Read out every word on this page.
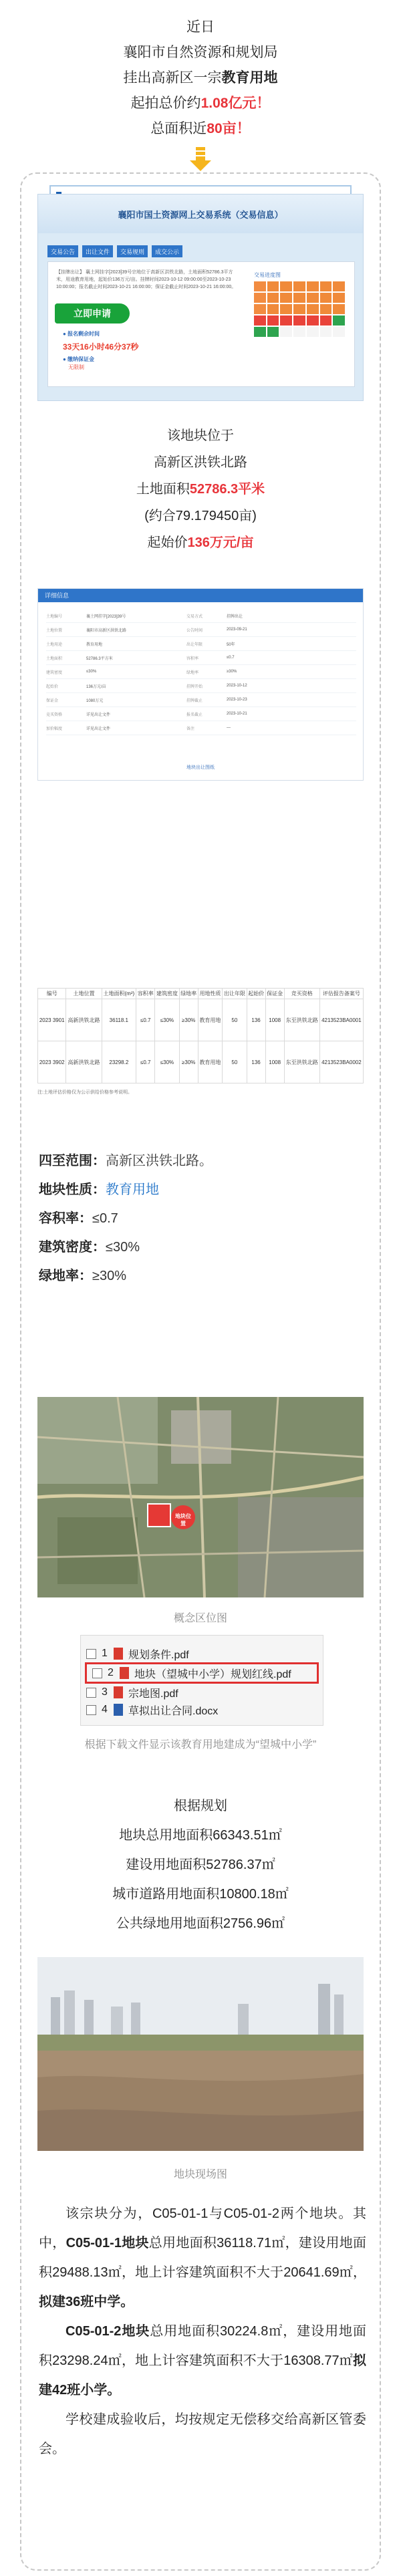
近日

襄阳市自然资源和规划局

挂出高新区一宗教育用地

起拍总价约1.08亿元！

总面积近80亩！

襄阳市国土资源网上交易系统（交易信息）
交易公告	出让文件	交易规则	成交公示
【挂牌出让】 襄土网挂字[2023]39号宗地位于高新区洪铁北路，土地面积52786.3平方米，用途教育用地，起始价136万元/亩。挂牌时间2023-10-12 09:00:00至2023-10-23 10:00:00；报名截止时间2023-10-21 16:00:00；保证金截止时间2023-10-21 16:00:00。
立即申请
● 报名剩余时间
33天16小时46分37秒
● 缴纳保证金
无限制
交易进度图

该地块位于

高新区洪铁北路

土地面积52786.3平米

(约合79.179450亩)

起始价136万元/亩

详细信息
土地编号	襄土网挂字[2023]39号	交易方式	挂牌出让
土地位置	襄阳市高新区洪铁北路	公告时间	2023-09-21
土地用途	教育用地	出让年限	50年
土地面积	52786.3平方米	容积率	≤0.7
建筑密度	≤30%	绿地率	≥30%
起始价	136万元/亩	挂牌开始	2023-10-12
保证金	1080万元	挂牌截止	2023-10-23
竞买资格	详见出让文件	报名截止	2023-10-21
加价幅度	详见出让文件	备注	—
地块出让图纸
编号	土地位置	土地面积(m²)	容积率	建筑密度	绿地率	用地性质	出让年限	起始价	保证金	竞买资格	评估报告备案号
2023 3901	高新洪铁北路	36118.1	≤0.7	≤30%	≥30%	教育用地	50	136	1008	东至洪铁北路	4213523BA0001
2023 3902	高新洪铁北路	23298.2	≤0.7	≤30%	≥30%	教育用地	50	136	1008	东至洪铁北路	4213523BA0002
注:土地评估价格仅为公示供给价格参考说明。

四至范围：高新区洪铁北路。

地块性质：教育用地

容积率：≤0.7

建筑密度：≤30%

绿地率：≥30%

地块位置
概念区位图
1	规划条件.pdf
2	地块（望城中小学）规划红线.pdf
3	宗地图.pdf
4	草拟出让合同.docx
根据下载文件显示该教育用地建成为“望城中小学”

根据规划

地块总用地面积66343.51㎡

建设用地面积52786.37㎡

城市道路用地面积10800.18㎡

公共绿地用地面积2756.96㎡

地块现场图

该宗块分为，C05-01-1与C05-01-2两个地块。其中，C05-01-1地块总用地面积36118.71㎡，建设用地面积29488.13㎡，地上计容建筑面积不大于20641.69㎡，拟建36班中学。

C05-01-2地块总用地面积30224.8㎡，建设用地面积23298.24㎡，地上计容建筑面积不大于16308.77㎡拟建42班小学。

学校建成验收后，均按规定无偿移交给高新区管委会。
